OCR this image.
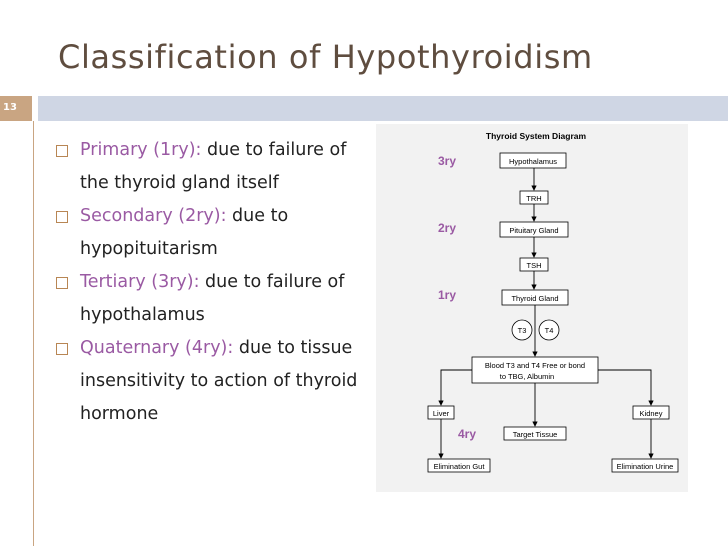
Classification of Hypothyroidism
13
Primary (1ry): due to failure of the thyroid gland itself
Secondary (2ry): due to hypopituitarism
Tertiary (3ry): due to failure of hypothalamus
Quaternary (4ry): due to tissue insensitivity to action of thyroid hormone
Thyroid System Diagram
3ry
2ry
1ry
4ry
Hypothalamus
TRH
Pituitary Gland
TSH
Thyroid Gland
T3 T4
Blood T3 and T4 Free or bond
to TBG, Albumin
Liver	Kidney
Target Tissue
Elimination Gut	Elimination Urine
